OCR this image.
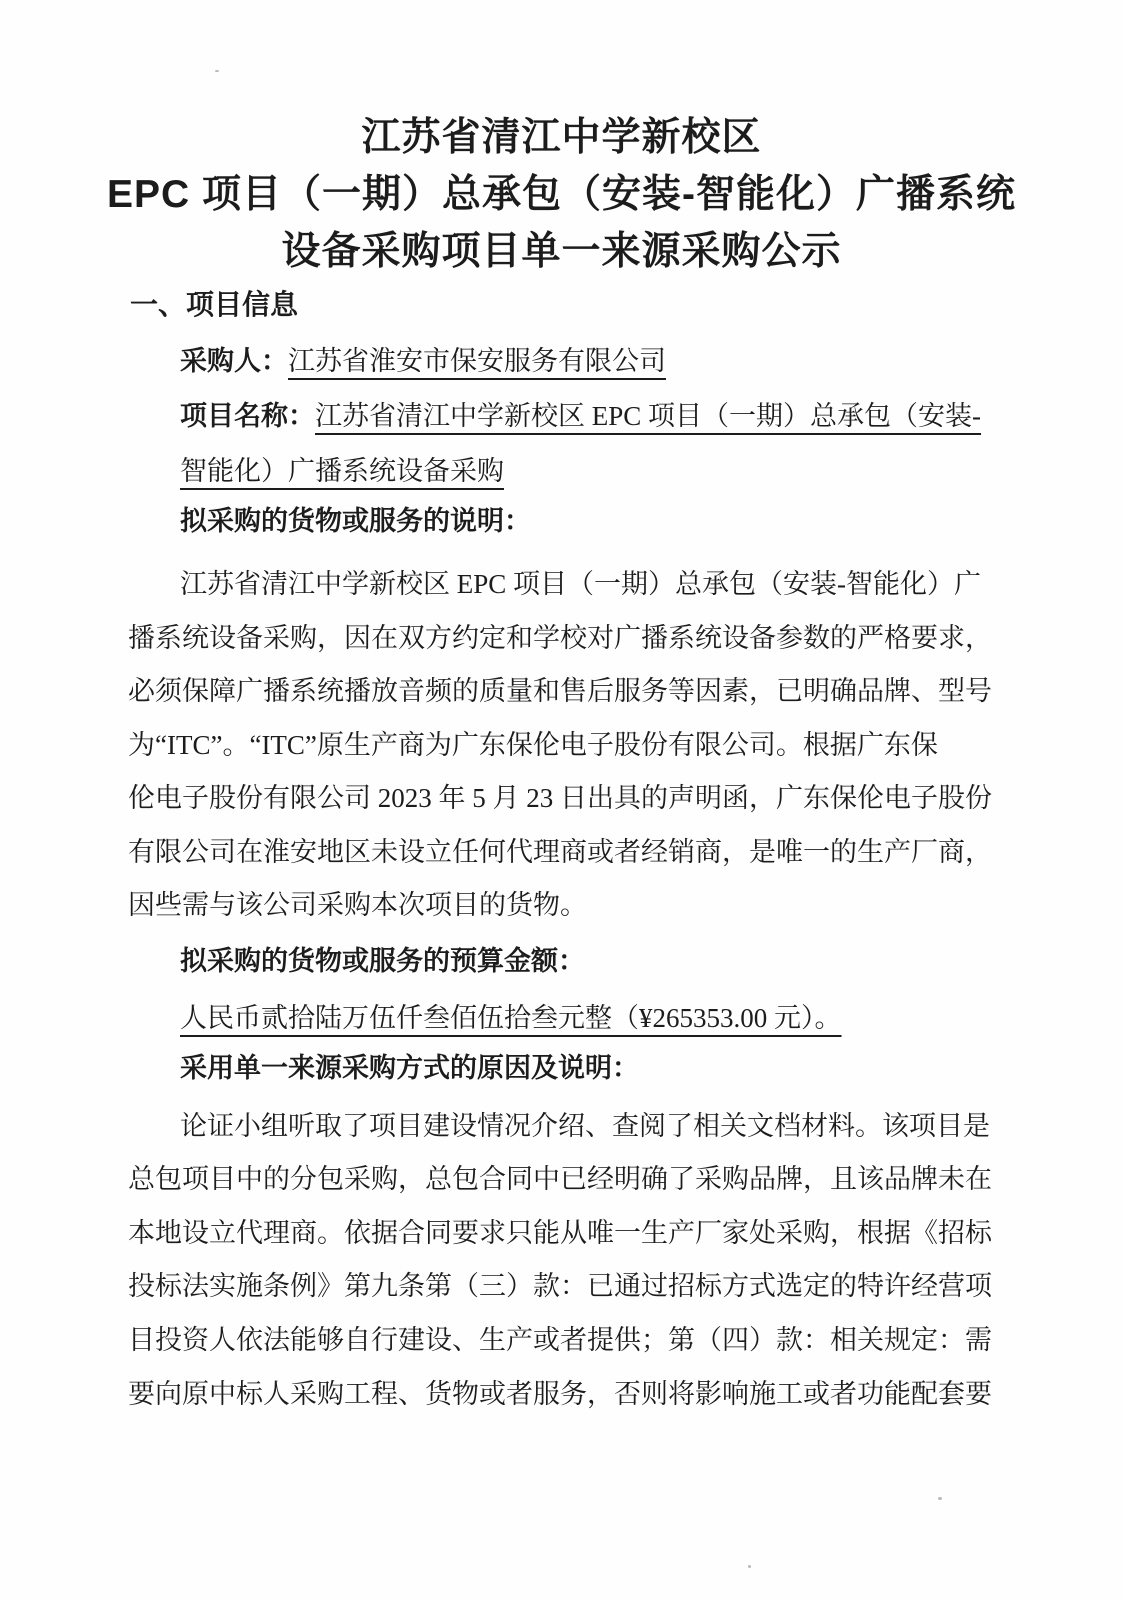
江苏省清江中学新校区
EPC 项目（一期）总承包（安装-智能化）广播系统
设备采购项目单一来源采购公示
一、项目信息
采购人：江苏省淮安市保安服务有限公司
项目名称：江苏省清江中学新校区 EPC 项目（一期）总承包（安装-
智能化）广播系统设备采购
拟采购的货物或服务的说明：
江苏省清江中学新校区 EPC 项目（一期）总承包（安装-智能化）广
播系统设备采购，因在双方约定和学校对广播系统设备参数的严格要求，
必须保障广播系统播放音频的质量和售后服务等因素，已明确品牌、型号
为“ITC”。“ITC”原生产商为广东保伦电子股份有限公司。根据广东保
伦电子股份有限公司 2023 年 5 月 23 日出具的声明函，广东保伦电子股份
有限公司在淮安地区未设立任何代理商或者经销商，是唯一的生产厂商，
因些需与该公司采购本次项目的货物。
拟采购的货物或服务的预算金额：
人民币贰拾陆万伍仟叁佰伍拾叁元整（¥265353.00 元）。
采用单一来源采购方式的原因及说明：
论证小组听取了项目建设情况介绍、查阅了相关文档材料。该项目是
总包项目中的分包采购，总包合同中已经明确了采购品牌，且该品牌未在
本地设立代理商。依据合同要求只能从唯一生产厂家处采购，根据《招标
投标法实施条例》第九条第（三）款：已通过招标方式选定的特许经营项
目投资人依法能够自行建设、生产或者提供；第（四）款：相关规定：需
要向原中标人采购工程、货物或者服务，否则将影响施工或者功能配套要
